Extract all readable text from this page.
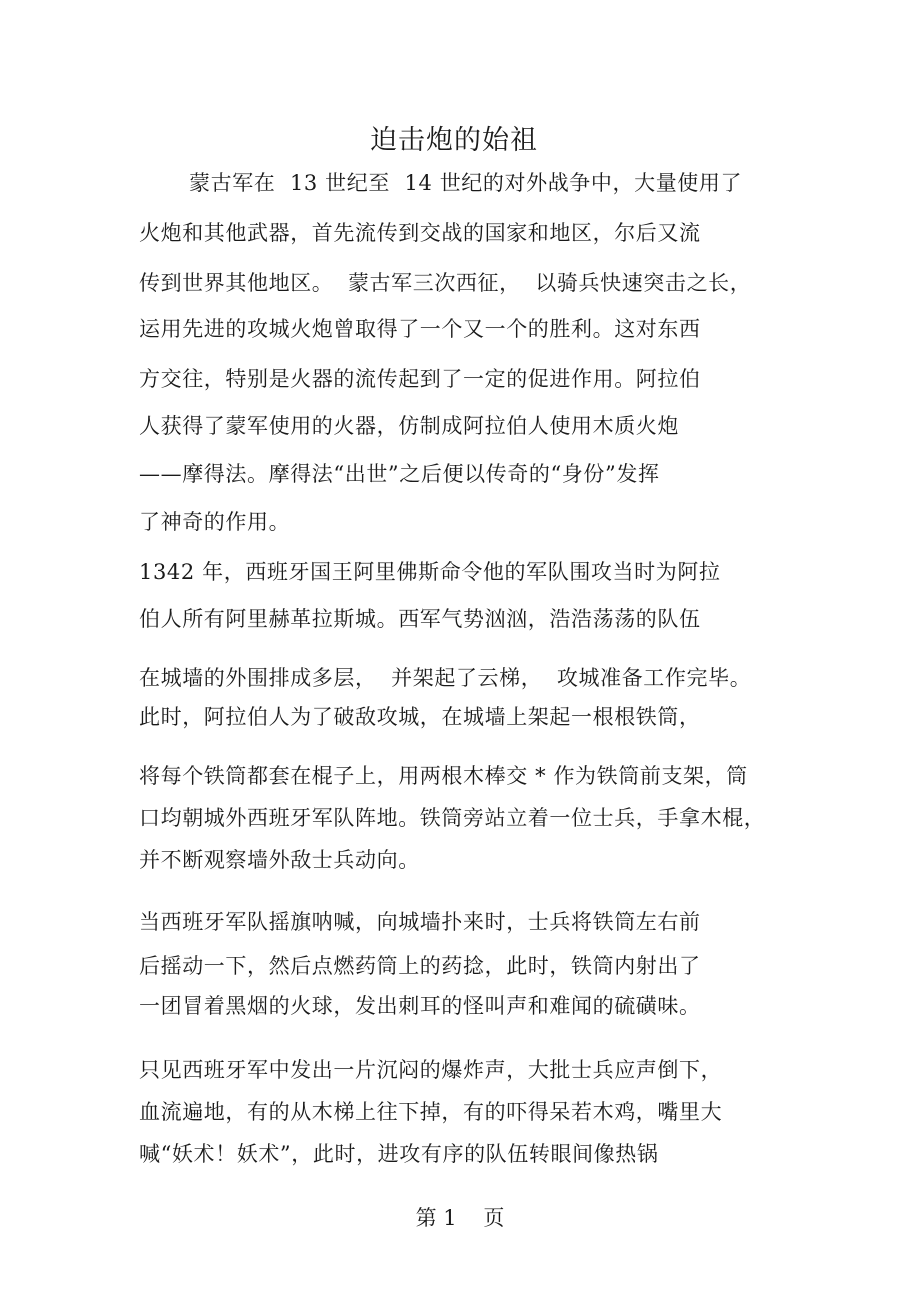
迫击炮的始祖
蒙古军在  13 世纪至  14 世纪的对外战争中，大量使用了
火炮和其他武器，首先流传到交战的国家和地区，尔后又流
传到世界其他地区。  蒙古军三次西征，  以骑兵快速突击之长，
运用先进的攻城火炮曾取得了一个又一个的胜利。这对东西
方交往，特别是火器的流传起到了一定的促进作用。阿拉伯
人获得了蒙军使用的火器，仿制成阿拉伯人使用木质火炮
——摩得法。摩得法“出世”之后便以传奇的“身份”发挥
了神奇的作用。
1342 年，西班牙国王阿里佛斯命令他的军队围攻当时为阿拉
伯人所有阿里赫革拉斯城。西军气势汹汹，浩浩荡荡的队伍
在城墙的外围排成多层，  并架起了云梯，  攻城准备工作完毕。
此时，阿拉伯人为了破敌攻城，在城墙上架起一根根铁筒，
将每个铁筒都套在棍子上，用两根木棒交 * 作为铁筒前支架，筒
口均朝城外西班牙军队阵地。铁筒旁站立着一位士兵，手拿木棍，
并不断观察墙外敌士兵动向。
当西班牙军队摇旗呐喊，向城墙扑来时，士兵将铁筒左右前
后摇动一下，然后点燃药筒上的药捻，此时，铁筒内射出了
一团冒着黑烟的火球，发出刺耳的怪叫声和难闻的硫磺味。
只见西班牙军中发出一片沉闷的爆炸声，大批士兵应声倒下，
血流遍地，有的从木梯上往下掉，有的吓得呆若木鸡，嘴里大
喊“妖术！妖术”，此时，进攻有序的队伍转眼间像热锅
第 1    页
